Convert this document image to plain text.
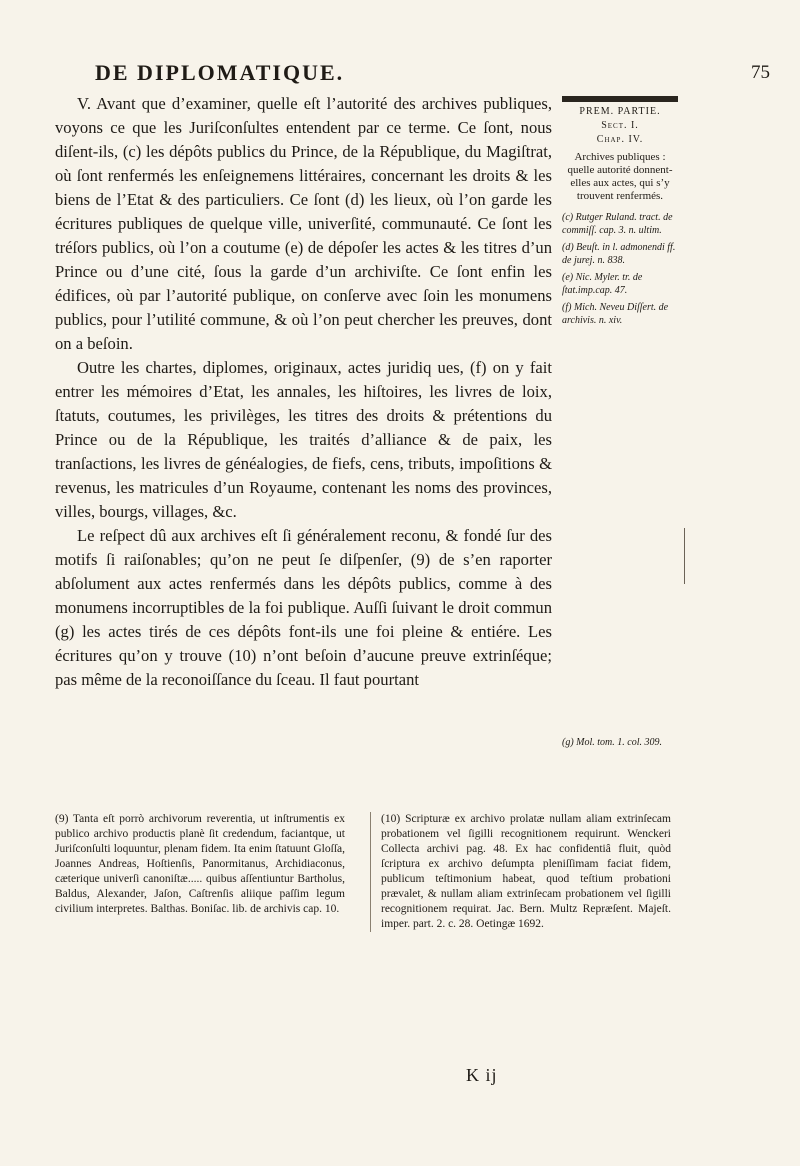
DE DIPLOMATIQUE.	75

V. Avant que d’examiner, quelle eſt l’autorité des archives publiques, voyons ce que les Juriſconſultes entendent par ce terme. Ce ſont, nous diſent-ils, (c) les dépôts publics du Prince, de la République, du Magiſtrat, où ſont renfermés les enſeignemens littéraires, concernant les droits & les biens de l’Etat & des particuliers. Ce ſont (d) les lieux, où l’on garde les écritures publiques de quelque ville, univerſité, communauté. Ce ſont les tréſors publics, où l’on a coutume (e) de dépoſer les actes & les titres d’un Prince ou d’une cité, ſous la garde d’un archiviſte. Ce ſont enfin les édifices, où par l’autorité publique, on conſerve avec ſoin les monumens publics, pour l’utilité commune, & où l’on peut chercher les preuves, dont on a beſoin.

Outre les chartes, diplomes, originaux, actes juridiq ues, (f) on y fait entrer les mémoires d’Etat, les annales, les hiſtoires, les livres de loix, ſtatuts, coutumes, les privilèges, les titres des droits & prétentions du Prince ou de la République, les traités d’alliance & de paix, les tranſactions, les livres de généalogies, de fiefs, cens, tributs, impoſitions & revenus, les matricules d’un Royaume, contenant les noms des provinces, villes, bourgs, villages, &c.

Le reſpect dû aux archives eſt ſi généralement reconu, & fondé ſur des motifs ſi raiſonables; qu’on ne peut ſe diſpenſer, (9) de s’en raporter abſolument aux actes renfermés dans les dépôts publics, comme à des monumens incorruptibles de la foi publique. Auſſi ſuivant le droit commun (g) les actes tirés de ces dépôts font-ils une foi pleine & entiére. Les écritures qu’on y trouve (10) n’ont beſoin d’aucune preuve extrinſéque; pas même de la reconoiſſance du ſceau. Il faut pourtant

PREM. PARTIE.
Sect. I.
Chap. IV.
Archives publiques : quelle autorité donnent-elles aux actes, qui s’y trouvent renfermés.
(c) Rutger Ruland. tract. de commiſſ. cap. 3. n. ultim.
(d) Beuſt. in l. admonendi ff. de jurej. n. 838.
(e) Nic. Myler. tr. de ſtat.imp.cap. 47.
(f) Mich. Neveu Diſſert. de archivis. n. xiv.
(g) Mol. tom. 1. col. 309.
(9) Tanta eſt porrò archivorum reverentia, ut inſtrumentis ex publico archivo productis planè ſit credendum, faciantque, ut Juriſconſulti loquuntur, plenam fidem. Ita enim ſtatuunt Gloſſa, Joannes Andreas, Hoſtienſis, Panormitanus, Archidiaconus, cæterique univerſi canoniſtæ..... quibus aſſentiuntur Bartholus, Baldus, Alexander, Jaſon, Caſtrenſis aliique paſſim legum civilium interpretes. Balthas. Boniſac. lib. de archivis cap. 10.
(10) Scripturæ ex archivo prolatæ nullam aliam extrinſecam probationem vel ſigilli recognitionem requirunt. Wenckeri Collecta archivi pag. 48. Ex hac confidentiâ fluit, quòd ſcriptura ex archivo deſumpta pleniſſimam faciat fidem, publicum teſtimonium habeat, quod teſtium probationi prævalet, & nullam aliam extrinſecam probationem vel ſigilli recognitionem requirat. Jac. Bern. Multz Repræſent. Majeſt. imper. part. 2. c. 28. Oetingæ 1692.
K ij
